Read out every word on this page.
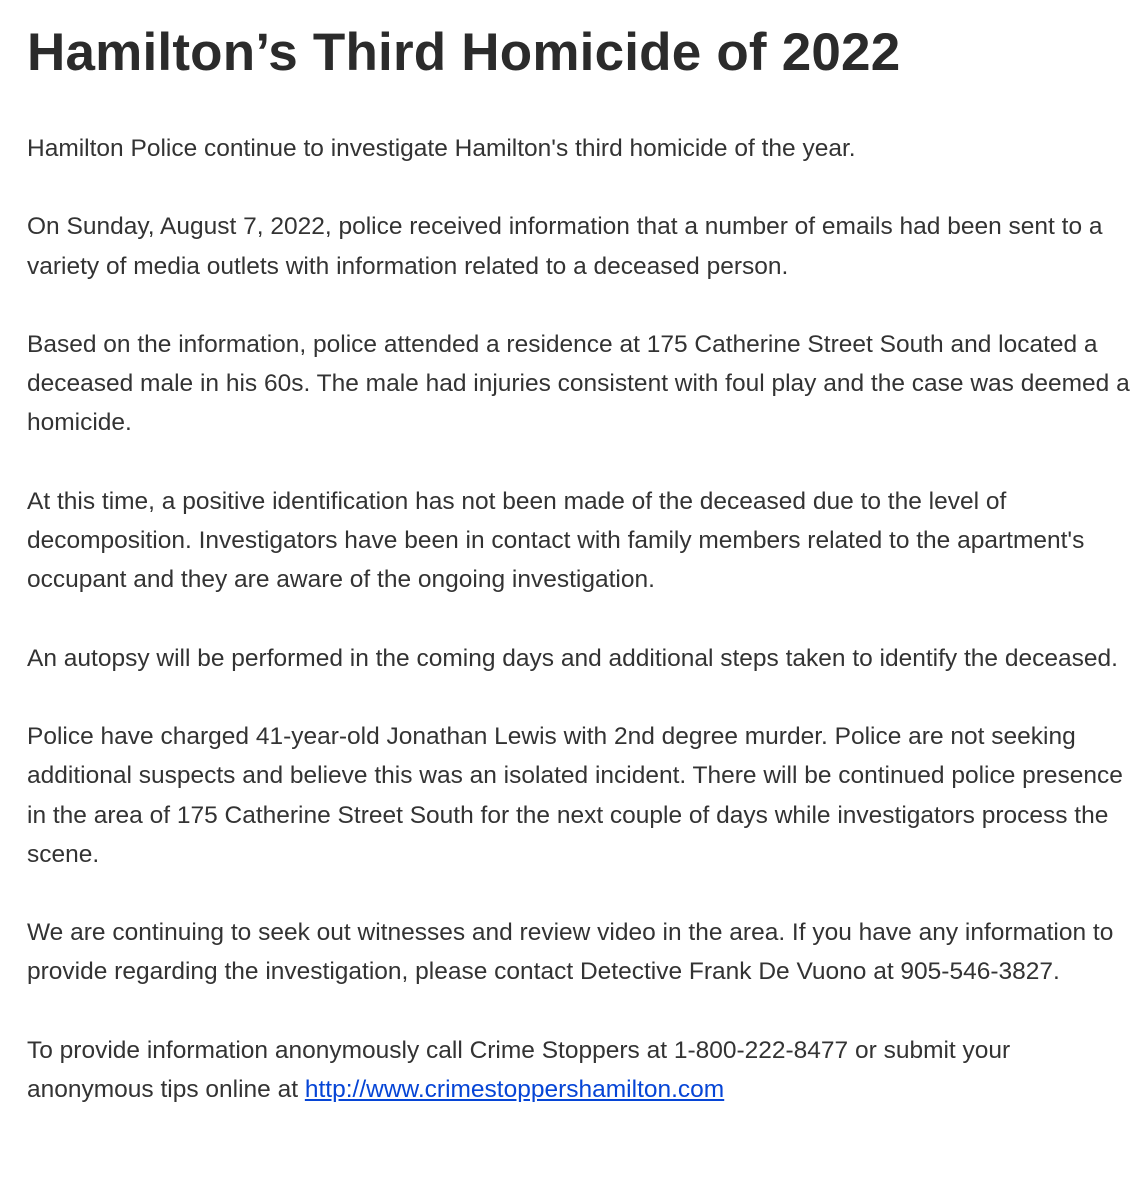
Hamilton’s Third Homicide of 2022

Hamilton Police continue to investigate Hamilton's third homicide of the year.

On Sunday, August 7, 2022, police received information that a number of emails had been sent to a variety of media outlets with information related to a deceased person.

Based on the information, police attended a residence at 175 Catherine Street South and located a deceased male in his 60s. The male had injuries consistent with foul play and the case was deemed a homicide.

At this time, a positive identification has not been made of the deceased due to the level of decomposition. Investigators have been in contact with family members related to the apartment's occupant and they are aware of the ongoing investigation.

An autopsy will be performed in the coming days and additional steps taken to identify the deceased.

Police have charged 41-year-old Jonathan Lewis with 2nd degree murder. Police are not seeking additional suspects and believe this was an isolated incident. There will be continued police presence in the area of 175 Catherine Street South for the next couple of days while investigators process the scene.

We are continuing to seek out witnesses and review video in the area. If you have any information to provide regarding the investigation, please contact Detective Frank De Vuono at 905-546-3827.

To provide information anonymously call Crime Stoppers at 1-800-222-8477 or submit your anonymous tips online at http://www.crimestoppershamilton.com
